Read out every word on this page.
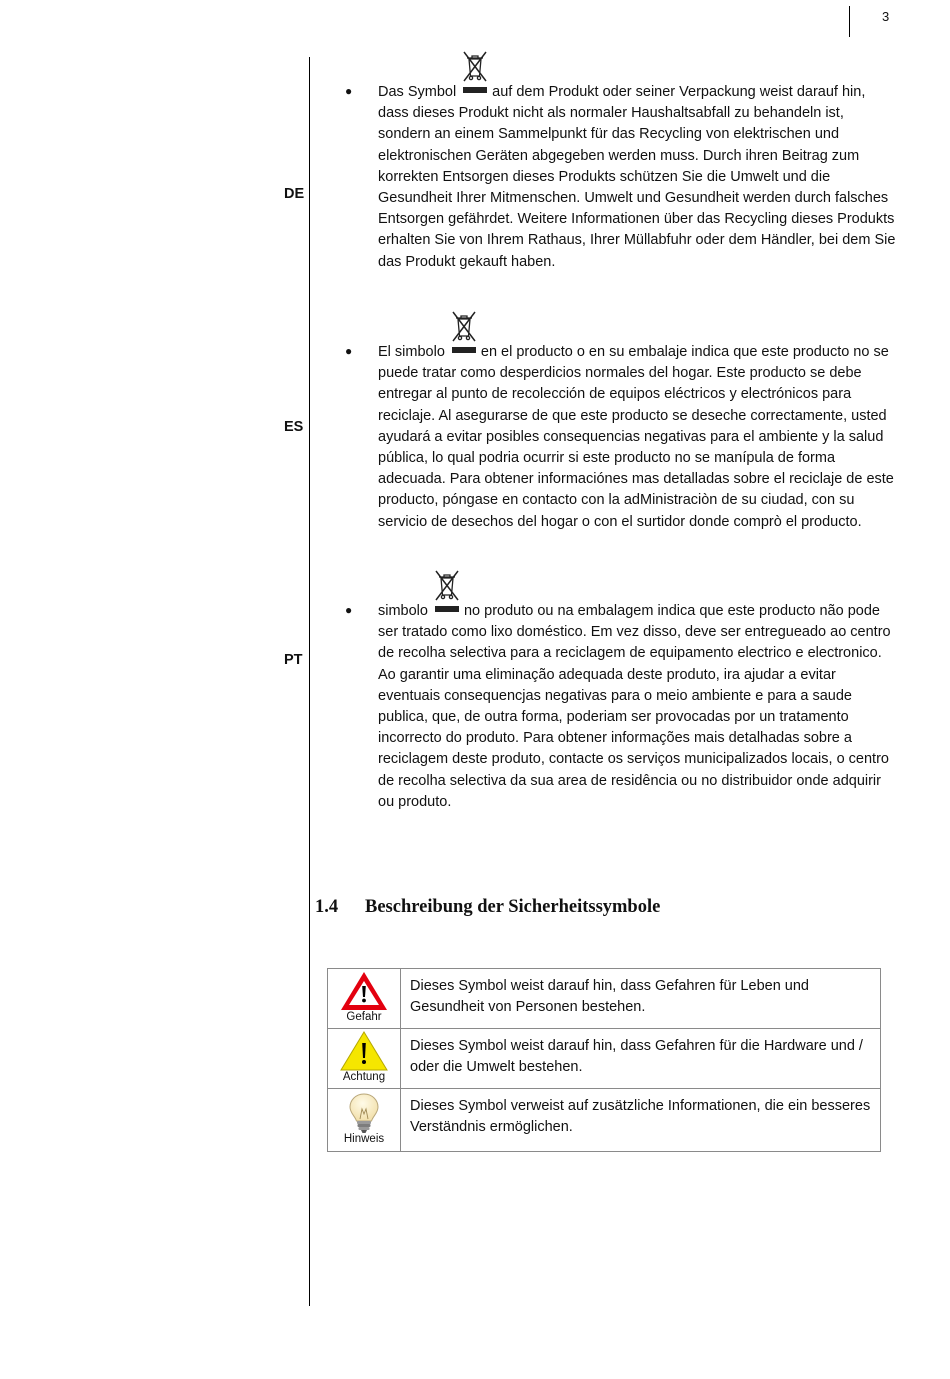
3
DE
● Das Symbol auf dem Produkt oder seiner Verpackung weist darauf hin, dass dieses Produkt nicht als normaler Haushaltsabfall zu behandeln ist, sondern an einem Sammelpunkt für das Recycling von elektrischen und elektronischen Geräten abgegeben werden muss. Durch ihren Beitrag zum korrekten Entsorgen dieses Produkts schützen Sie die Umwelt und die Gesundheit Ihrer Mitmenschen. Umwelt und Gesundheit werden durch falsches Entsorgen gefährdet. Weitere Informationen über das Recycling dieses Produkts erhalten Sie von Ihrem Rathaus, Ihrer Müllabfuhr oder dem Händler, bei dem Sie das Produkt gekauft haben.
ES
● El simbolo en el producto o en su embalaje indica que este producto no se puede tratar como desperdicios normales del hogar. Este producto se debe entregar al punto de recolección de equipos eléctricos y electrónicos para reciclaje. Al asegurarse de que este producto se deseche correctamente, usted ayudará a evitar posibles consequencias negativas para el ambiente y la salud pública, lo qual podria ocurrir si este producto no se manípula de forma adecuada. Para obtener informaciónes mas detalladas sobre el reciclaje de este producto, póngase en contacto con la adMinistraciòn de su ciudad, con su servicio de desechos del hogar o con el surtidor donde comprò el producto.
PT
● simbolo no produto ou na embalagem indica que este producto não pode ser tratado como lixo doméstico. Em vez disso, deve ser entregueado ao centro de recolha selectiva para a reciclagem de equipamento electrico e electronico. Ao garantir uma eliminação adequada deste produto, ira ajudar a evitar eventuais consequencjas negativas para o meio ambiente e para a saude publica, que, de outra forma, poderiam ser provocadas por un tratamento incorrecto do produto. Para obtener informações mais detalhadas sobre a reciclagem deste produto, contacte os serviços municipalizados locais, o centro de recolha selectiva da sua area de residência ou no distribuidor onde adquirir ou produto.
1.4 Beschreibung der Sicherheitssymbole
Gefahr	Dieses Symbol weist darauf hin, dass Gefahren für Leben und Gesundheit von Personen bestehen.

Achtung	Dieses Symbol weist darauf hin, dass Gefahren für die Hardware und / oder die Umwelt bestehen.

Hinweis	Dieses Symbol verweist auf zusätzliche Informationen, die ein besseres Verständnis ermöglichen.
